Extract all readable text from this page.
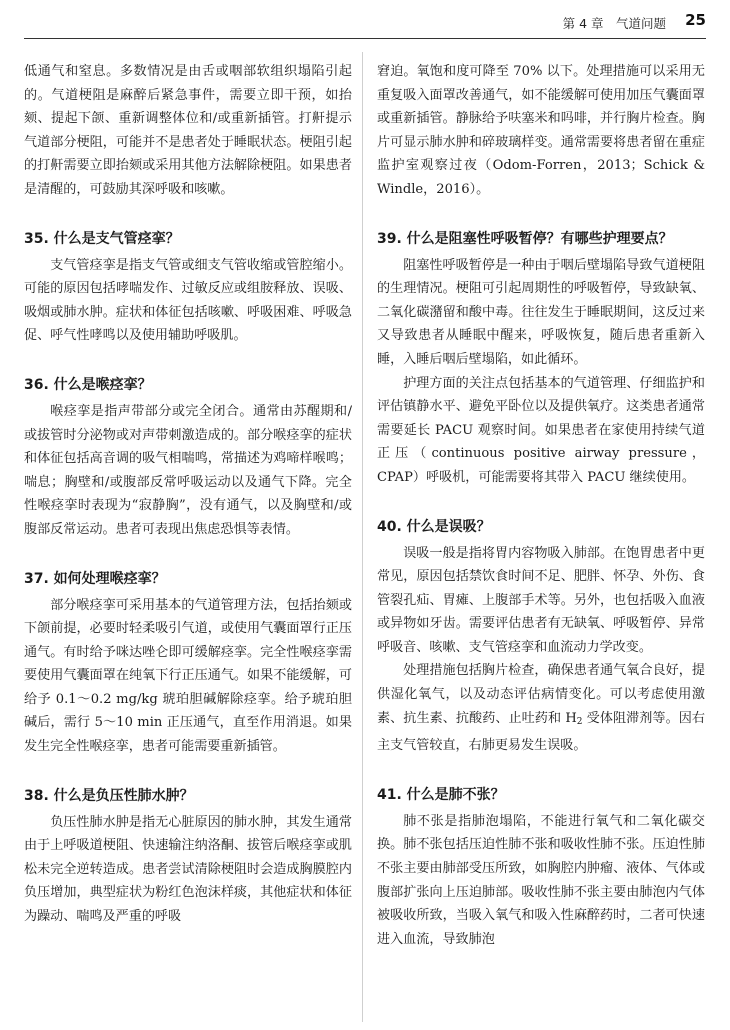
第 4 章　气道问题 25

低通气和窒息。多数情况是由舌或咽部软组织塌陷引起的。气道梗阻是麻醉后紧急事件，需要立即干预，如抬颏、提起下颌、重新调整体位和/或重新插管。打鼾提示气道部分梗阻，可能并不是患者处于睡眠状态。梗阻引起的打鼾需要立即抬颏或采用其他方法解除梗阻。如果患者是清醒的，可鼓励其深呼吸和咳嗽。

35. 什么是支气管痉挛？

支气管痉挛是指支气管或细支气管收缩或管腔缩小。可能的原因包括哮喘发作、过敏反应或组胺释放、误吸、吸烟或肺水肿。症状和体征包括咳嗽、呼吸困难、呼吸急促、呼气性哮鸣以及使用辅助呼吸肌。

36. 什么是喉痉挛？

喉痉挛是指声带部分或完全闭合。通常由苏醒期和/或拔管时分泌物或对声带刺激造成的。部分喉痉挛的症状和体征包括高音调的吸气相喘鸣，常描述为鸡啼样喉鸣；喘息；胸壁和/或腹部反常呼吸运动以及通气下降。完全性喉痉挛时表现为“寂静胸”，没有通气，以及胸壁和/或腹部反常运动。患者可表现出焦虑恐惧等表情。

37. 如何处理喉痉挛？

部分喉痉挛可采用基本的气道管理方法，包括抬颏或下颌前提，必要时轻柔吸引气道，或使用气囊面罩行正压通气。有时给予咪达唑仑即可缓解痉挛。完全性喉痉挛需要使用气囊面罩在纯氧下行正压通气。如果不能缓解，可给予 0.1～0.2 mg/kg 琥珀胆碱解除痉挛。给予琥珀胆碱后，需行 5～10 min 正压通气，直至作用消退。如果发生完全性喉痉挛，患者可能需要重新插管。

38. 什么是负压性肺水肿？

负压性肺水肿是指无心脏原因的肺水肿，其发生通常由于上呼吸道梗阻、快速输注纳洛酮、拔管后喉痉挛或肌松未完全逆转造成。患者尝试清除梗阻时会造成胸膜腔内负压增加，典型症状为粉红色泡沫样痰，其他症状和体征为躁动、喘鸣及严重的呼吸

窘迫。氧饱和度可降至 70% 以下。处理措施可以采用无重复吸入面罩改善通气，如不能缓解可使用加压气囊面罩或重新插管。静脉给予呋塞米和吗啡，并行胸片检查。胸片可显示肺水肿和碎玻璃样变。通常需要将患者留在重症监护室观察过夜（Odom-Forren，2013；Schick & Windle，2016）。

39. 什么是阻塞性呼吸暂停？有哪些护理要点？

阻塞性呼吸暂停是一种由于咽后壁塌陷导致气道梗阻的生理情况。梗阻可引起周期性的呼吸暂停，导致缺氧、二氧化碳潴留和酸中毒。往往发生于睡眠期间，这反过来又导致患者从睡眠中醒来，呼吸恢复，随后患者重新入睡，入睡后咽后壁塌陷，如此循环。

护理方面的关注点包括基本的气道管理、仔细监护和评估镇静水平、避免平卧位以及提供氧疗。这类患者通常需要延长 PACU 观察时间。如果患者在家使用持续气道正压（continuous positive airway pressure，CPAP）呼吸机，可能需要将其带入 PACU 继续使用。

40. 什么是误吸？

误吸一般是指将胃内容物吸入肺部。在饱胃患者中更常见，原因包括禁饮食时间不足、肥胖、怀孕、外伤、食管裂孔疝、胃瘫、上腹部手术等。另外，也包括吸入血液或异物如牙齿。需要评估患者有无缺氧、呼吸暂停、异常呼吸音、咳嗽、支气管痉挛和血流动力学改变。

处理措施包括胸片检查，确保患者通气氧合良好，提供湿化氧气，以及动态评估病情变化。可以考虑使用激素、抗生素、抗酸药、止吐药和 H2 受体阻滞剂等。因右主支气管较直，右肺更易发生误吸。

41. 什么是肺不张？

肺不张是指肺泡塌陷，不能进行氧气和二氧化碳交换。肺不张包括压迫性肺不张和吸收性肺不张。压迫性肺不张主要由肺部受压所致，如胸腔内肿瘤、液体、气体或腹部扩张向上压迫肺部。吸收性肺不张主要由肺泡内气体被吸收所致，当吸入氧气和吸入性麻醉药时，二者可快速进入血流，导致肺泡
